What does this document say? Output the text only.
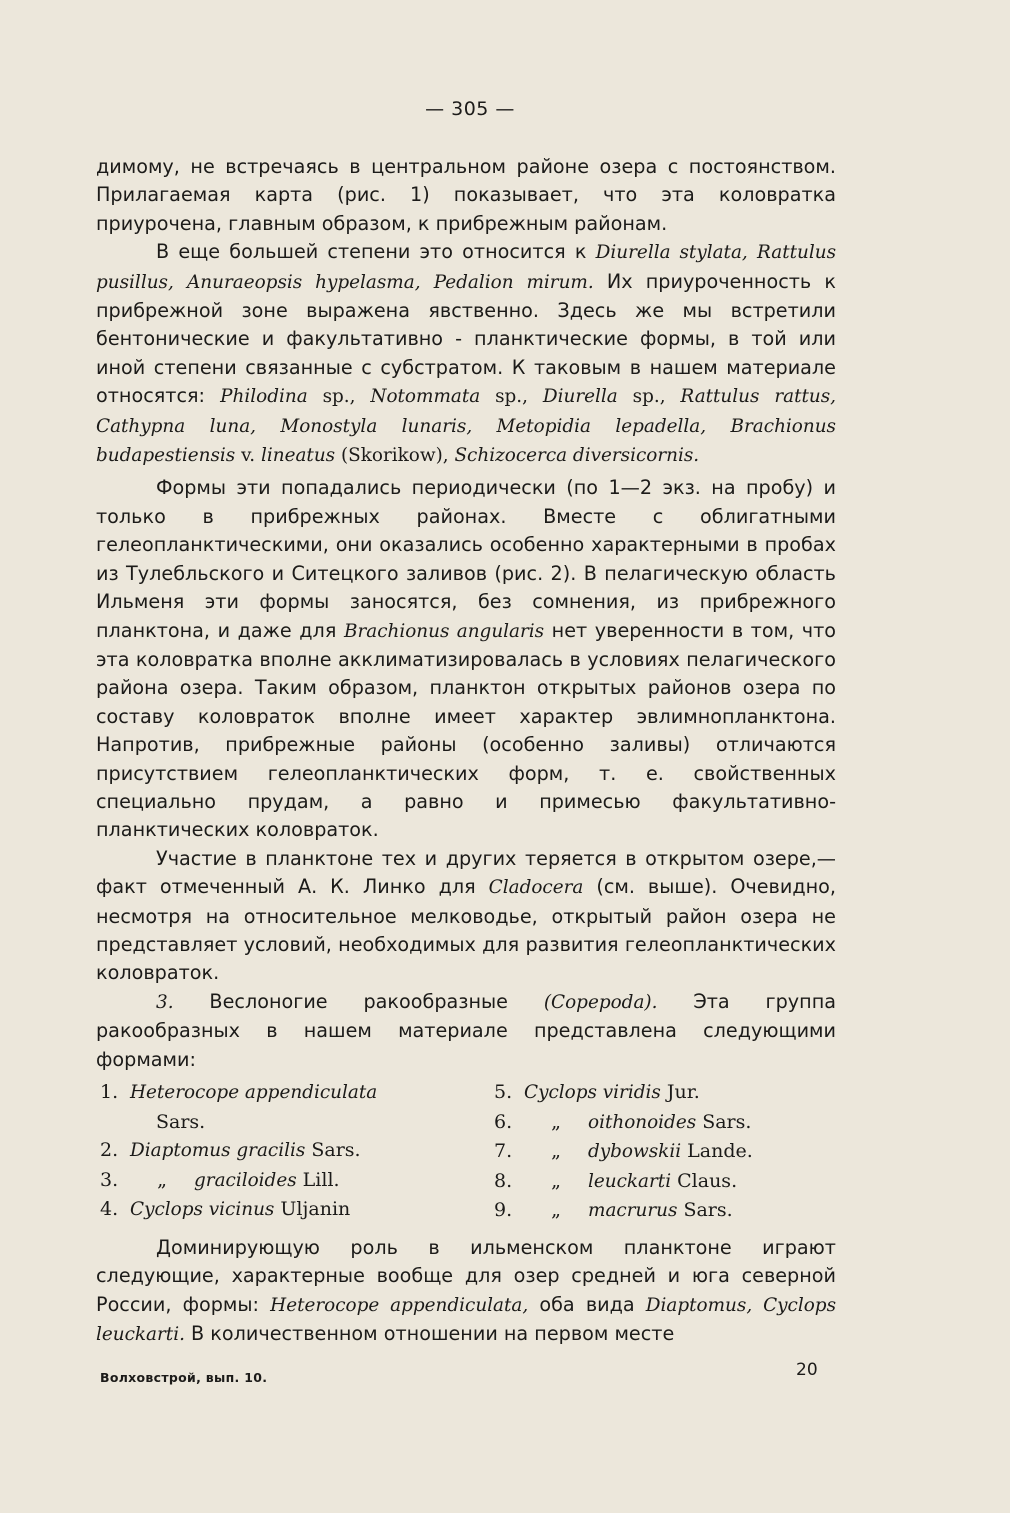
— 305 —

димому, не встречаясь в центральном районе озера с постоянством. Прилагаемая карта (рис. 1) показывает, что эта коловратка приурочена, главным образом, к прибрежным районам.

В еще большей степени это относится к Diurella stylata, Rattulus pusillus, Anuraeopsis hypelasma, Pedalion mirum. Их приуроченность к прибрежной зоне выражена явственно. Здесь же мы встретили бентонические и факультативно - планктические формы, в той или иной степени связанные с субстратом. К таковым в нашем материале относятся: Philodina sp., Notommata sp., Diurella sp., Rattulus rattus, Cathypna luna, Monostyla lunaris, Metopidia lepadella, Brachionus budapestiensis v. lineatus (Skorikow), Schizocerca diversicornis.

Формы эти попадались периодически (по 1—2 экз. на пробу) и только в прибрежных районах. Вместе с облигатными гелеопланктическими, они оказались особенно характерными в пробах из Тулебльского и Ситецкого заливов (рис. 2). В пелагическую область Ильменя эти формы заносятся, без сомнения, из прибрежного планктона, и даже для Brachionus angularis нет уверенности в том, что эта коловратка вполне акклиматизировалась в условиях пелагического района озера. Таким образом, планктон открытых районов озера по составу коловраток вполне имеет характер эвлимнопланктона. Напротив, прибрежные районы (особенно заливы) отличаются присутствием гелеопланктических форм, т. е. свойственных специально прудам, а равно и примесью факультативно-планктических коловраток.

Участие в планктоне тех и других теряется в открытом озере,—факт отмеченный А. К. Линко для Cladocera (см. выше). Очевидно, несмотря на относительное мелководье, открытый район озера не представляет условий, необходимых для развития гелеопланктических коловраток.

3. Веслоногие ракообразные (Copepoda). Эта группа ракообразных в нашем материале представлена следующими формами:

1. Heterocope appendiculata
Sars.
2. Diaptomus gracilis Sars.
3. „ graciloides Lill.
4. Cyclops vicinus Uljanin
5. Cyclops viridis Jur.
6. „ oithonoides Sars.
7. „ dybowskii Lande.
8. „ leuckarti Claus.
9. „ macrurus Sars.

Доминирующую роль в ильменском планктоне играют следующие, характерные вообще для озер средней и юга северной России, формы: Heterocope appendiculata, оба вида Diaptomus, Cyclops leuckarti. В количественном отношении на первом месте

Волховстрой, вып. 10.	20
